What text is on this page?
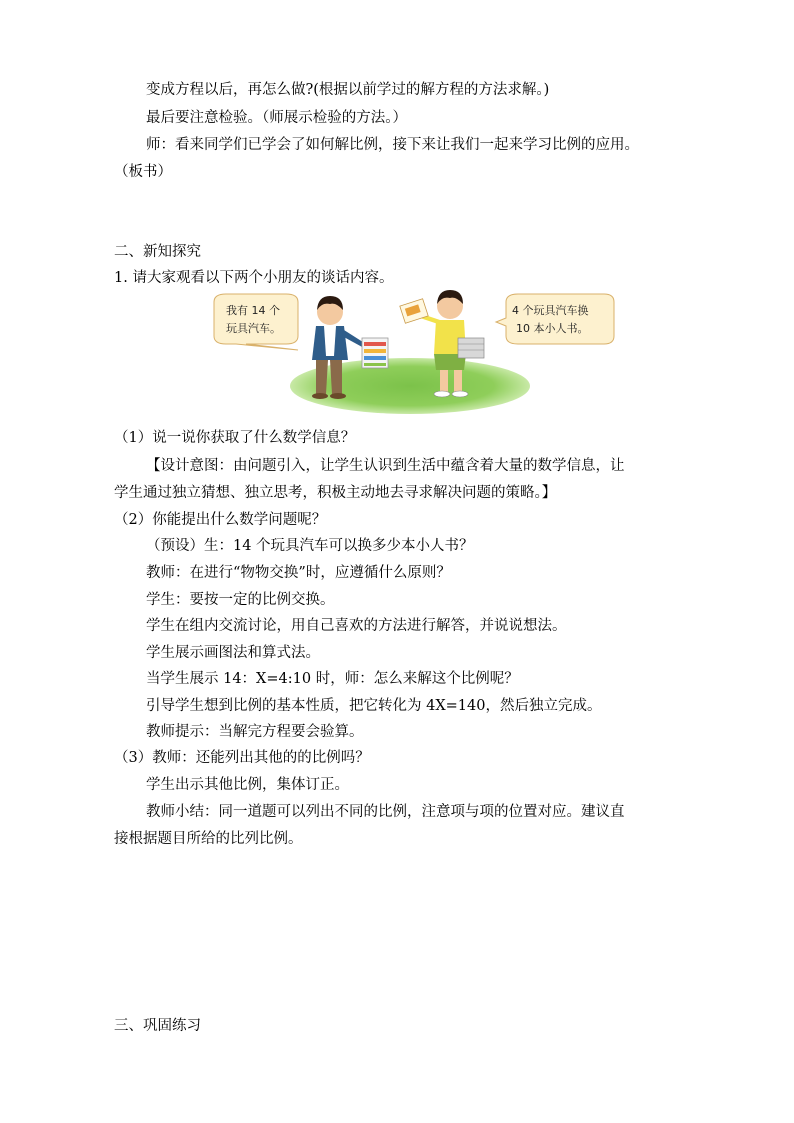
变成方程以后，再怎么做?(根据以前学过的解方程的方法求解。)
最后要注意检验。（师展示检验的方法。）
师：看来同学们已学会了如何解比例，接下来让我们一起来学习比例的应用。
（板书）
二、新知探究
1. 请大家观看以下两个小朋友的谈话内容。
我有 14 个
玩具汽车。
4 个玩具汽车换
10 本小人书。
（1）说一说你获取了什么数学信息？
【设计意图：由问题引入，让学生认识到生活中蕴含着大量的数学信息，让
学生通过独立猜想、独立思考，积极主动地去寻求解决问题的策略。】
（2）你能提出什么数学问题呢？
（预设）生：14 个玩具汽车可以换多少本小人书？
教师：在进行“物物交换”时，应遵循什么原则？
学生：要按一定的比例交换。
学生在组内交流讨论，用自己喜欢的方法进行解答，并说说想法。
学生展示画图法和算式法。
当学生展示 14：X=4:10 时，师：怎么来解这个比例呢？
引导学生想到比例的基本性质，把它转化为 4X=140，然后独立完成。
教师提示：当解完方程要会验算。
（3）教师：还能列出其他的的比例吗？
学生出示其他比例，集体订正。
教师小结：同一道题可以列出不同的比例，注意项与项的位置对应。建议直
接根据题目所给的比列比例。
三、巩固练习
